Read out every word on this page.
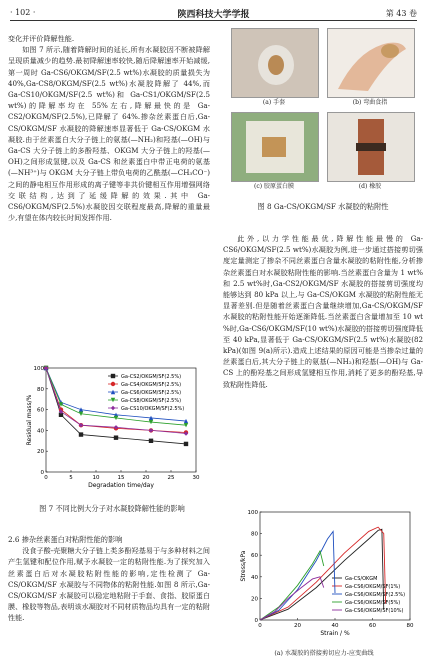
· 102 ·	陕西科技大学学报	第 43 卷

变化并评价降解性能.

如图 7 所示,随着降解时间的延长,所有水凝胶因不断被降解呈现质量减少的趋势.最初降解速率较快,随后降解速率开始减缓,第一周时 Ga-CS6/OKGM/SF(2.5 wt%)水凝胶的质量损失为 40%,Ga-CS8/OKGM/SF(2.5 wt%)水凝胶降解了 44%,而 Ga-CS10/OKGM/SF(2.5 wt%)和 Ga-CS1/OKGM/SF(2.5 wt%)的降解率均在 55%左右,降解最快的是 Ga-CS2/OKGM/SF(2.5%),已降解了 64%.掺杂丝素蛋白后,Ga-CS/OKGM/SF 水凝胶的降解速率显著低于 Ga-CS/OKGM 水凝胶.由于丝素蛋白大分子链上的氨基(—NH₂)和羟基(—OH)与 Ga-CS 大分子链上的多酚羟基、OKGM 大分子链上的羟基(—OH)之间形成氢键,以及 Ga-CS 和丝素蛋白中带正电荷的氨基(—NH³⁺)与 OKGM 大分子链上带负电荷的乙酰基(—CH₃CO⁻)之间的静电相互作用形成的离子键等非共价键相互作用增强网络交联结构,达到了延缓降解的效果.其中 Ga-CS6/OKGM/SF(2.5%)水凝胶因交联程度最高,降解的重量最少,有望在体内较长时间发挥作用.

0	5	10	15	20	25	30
0
20
40
60
80
100
Degradation time/day
Residual mass/%
Ga-CS2/OKGM/SF(2.5%)
Ga-CS4/OKGM/SF(2.5%)
Ga-CS6/OKGM/SF(2.5%)
Ga-CS8/OKGM/SF(2.5%)
Ga-CS10/OKGM/SF(2.5%)
图 7 不同比例大分子对水凝胶降解性能的影响

2.6 掺杂丝素蛋白对粘附性能的影响

没食子酸-壳聚糖大分子链上类多酚羟基易于与多种材料之间产生氢键和配位作用,赋予水凝胶一定的粘附性能.为了探究加入丝素蛋白后对水凝胶粘附性能的影响,定性检测了 Ga-CS/OKGM/SF 水凝胶与不同物体的粘附性能.如图 8 所示,Ga-CS/OKGM/SF 水凝胶可以稳定地粘附于手套、食指、胶原蛋白膜、橡胶等物品,表明该水凝胶对不同材质物品均具有一定的粘附性能.

(a) 手套	(b) 弯曲食指
(c) 胶原蛋白膜	(d) 橡胶
图 8 Ga-CS/OKGM/SF 水凝胶的粘附性

此外,以力学性能最优,降解性能最慢的 Ga-CS6/OKGM/SF(2.5 wt%)水凝胶为例,进一步通过搭接剪切强度定量测定了掺杂不同丝素蛋白含量水凝胶的粘附性能,分析掺杂丝素蛋白对水凝胶粘附性能的影响.当丝素蛋白含量为 1 wt%和 2.5 wt%时,Ga-CS2/OKGM/SF 水凝胶的搭接剪切强度均能够达到 80 kPa 以上,与 Ga-CS/OKGM 水凝胶的粘附性能无显著差别.但是随着丝素蛋白含量继续增加,Ga-CS/OKGM/SF 水凝胶的粘附性能开始逐渐降低.当丝素蛋白含量增加至 10 wt %时,Ga-CS6/OKGM/SF(10 wt%)水凝胶的搭接剪切强度降低至 40 kPa,显著低于 Ga-CS/OKGM/SF(2.5 wt%)水凝胶(82 kPa)(如图 9(a)所示).造成上述结果的原因可能是当掺杂过量的丝素蛋白后,其大分子链上的氨基(—NH₂)和羟基(—OH)与 Ga-CS 上的酚羟基之间形成氢键相互作用,消耗了更多的酚羟基,导致粘附性降低.

0	20	40	60	80
0
20
40
60
80
100
Strain / %
Stress/kPa	Ga-CS/OKGM
Ga-CS6/OKGM/SF(1%)
Ga-CS6/OKGM/SF(2.5%)
Ga-CS6/OKGM/SF(5%)
Ga-CS6/OKGM/SF(10%)
(a) 水凝胶的搭接剪切应力-应变曲线
